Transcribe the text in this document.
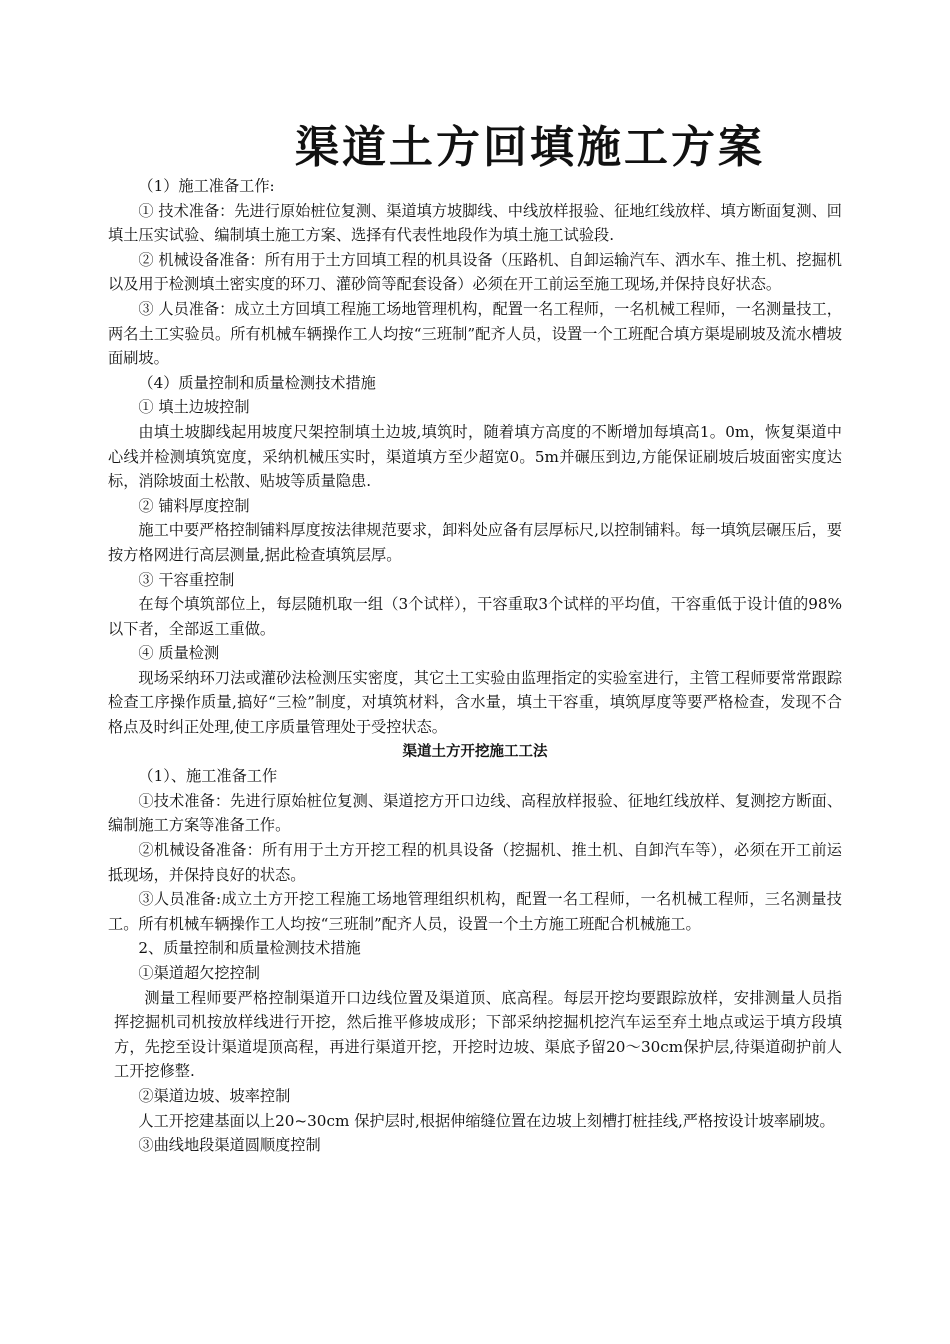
渠道土方回填施工方案

（1）施工准备工作:

① 技术准备：先进行原始桩位复测、渠道填方坡脚线、中线放样报验、征地红线放样、填方断面复测、回填土压实试验、编制填土施工方案、选择有代表性地段作为填土施工试验段.

② 机械设备准备：所有用于土方回填工程的机具设备（压路机、自卸运输汽车、洒水车、推土机、挖掘机以及用于检测填土密实度的环刀、灌砂筒等配套设备）必须在开工前运至施工现场,并保持良好状态。

③ 人员准备：成立土方回填工程施工场地管理机构，配置一名工程师，一名机械工程师，一名测量技工，两名土工实验员。所有机械车辆操作工人均按“三班制”配齐人员，设置一个工班配合填方渠堤刷坡及流水槽坡面刷坡。

（4）质量控制和质量检测技术措施

① 填土边坡控制

由填土坡脚线起用坡度尺架控制填土边坡,填筑时，随着填方高度的不断增加每填高1。0m，恢复渠道中心线并检测填筑宽度，采纳机械压实时，渠道填方至少超宽0。5m并碾压到边,方能保证刷坡后坡面密实度达标，消除坡面土松散、贴坡等质量隐患.

② 铺料厚度控制

施工中要严格控制铺料厚度按法律规范要求，卸料处应备有层厚标尺,以控制铺料。每一填筑层碾压后，要按方格网进行高层测量,据此检查填筑层厚。

③ 干容重控制

在每个填筑部位上，每层随机取一组（3个试样），干容重取3个试样的平均值，干容重低于设计值的98%以下者，全部返工重做。

④ 质量检测

现场采纳环刀法或灌砂法检测压实密度，其它土工实验由监理指定的实验室进行，主管工程师要常常跟踪检查工序操作质量,搞好“三检”制度，对填筑材料，含水量，填土干容重，填筑厚度等要严格检查，发现不合格点及时纠正处理,使工序质量管理处于受控状态。

渠道土方开挖施工工法

（1）、施工准备工作

①技术准备：先进行原始桩位复测、渠道挖方开口边线、高程放样报验、征地红线放样、复测挖方断面、编制施工方案等准备工作。

②机械设备准备：所有用于土方开挖工程的机具设备（挖掘机、推土机、自卸汽车等），必须在开工前运抵现场，并保持良好的状态。

③人员准备:成立土方开挖工程施工场地管理组织机构，配置一名工程师，一名机械工程师，三名测量技工。所有机械车辆操作工人均按“三班制”配齐人员，设置一个土方施工班配合机械施工。

2、质量控制和质量检测技术措施

①渠道超欠挖控制

测量工程师要严格控制渠道开口边线位置及渠道顶、底高程。每层开挖均要跟踪放样，安排测量人员指挥挖掘机司机按放样线进行开挖，然后推平修坡成形；下部采纳挖掘机挖汽车运至弃土地点或运于填方段填方，先挖至设计渠道堤顶高程，再进行渠道开挖，开挖时边坡、渠底予留20～30cm保护层,待渠道砌护前人工开挖修整.

②渠道边坡、坡率控制

人工开挖建基面以上20~30cm 保护层时,根据伸缩缝位置在边坡上刻槽打桩挂线,严格按设计坡率刷坡。

③曲线地段渠道圆顺度控制
